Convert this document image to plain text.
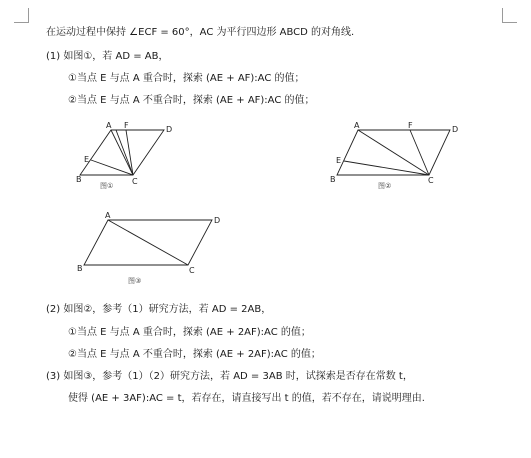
在运动过程中保持 ∠ECF = 60°，AC 为平行四边形 ABCD 的对角线.
(1) 如图①，若 AD = AB，
①当点 E 与点 A 重合时，探索 (AE + AF):AC 的值；
②当点 E 与点 A 不重合时，探索 (AE + AF):AC 的值；
A F	D
E
B	C
图①
A	F	D
E
B	C
图②
A
D
B	C
图③
(2) 如图②，参考（1）研究方法，若 AD = 2AB，
①当点 E 与点 A 重合时，探索 (AE + 2AF):AC 的值；
②当点 E 与点 A 不重合时，探索 (AE + 2AF):AC 的值；
(3) 如图③，参考（1）（2）研究方法，若 AD = 3AB 时，试探索是否存在常数 t，
使得 (AE + 3AF):AC = t，若存在，请直接写出 t 的值，若不存在，请说明理由.
